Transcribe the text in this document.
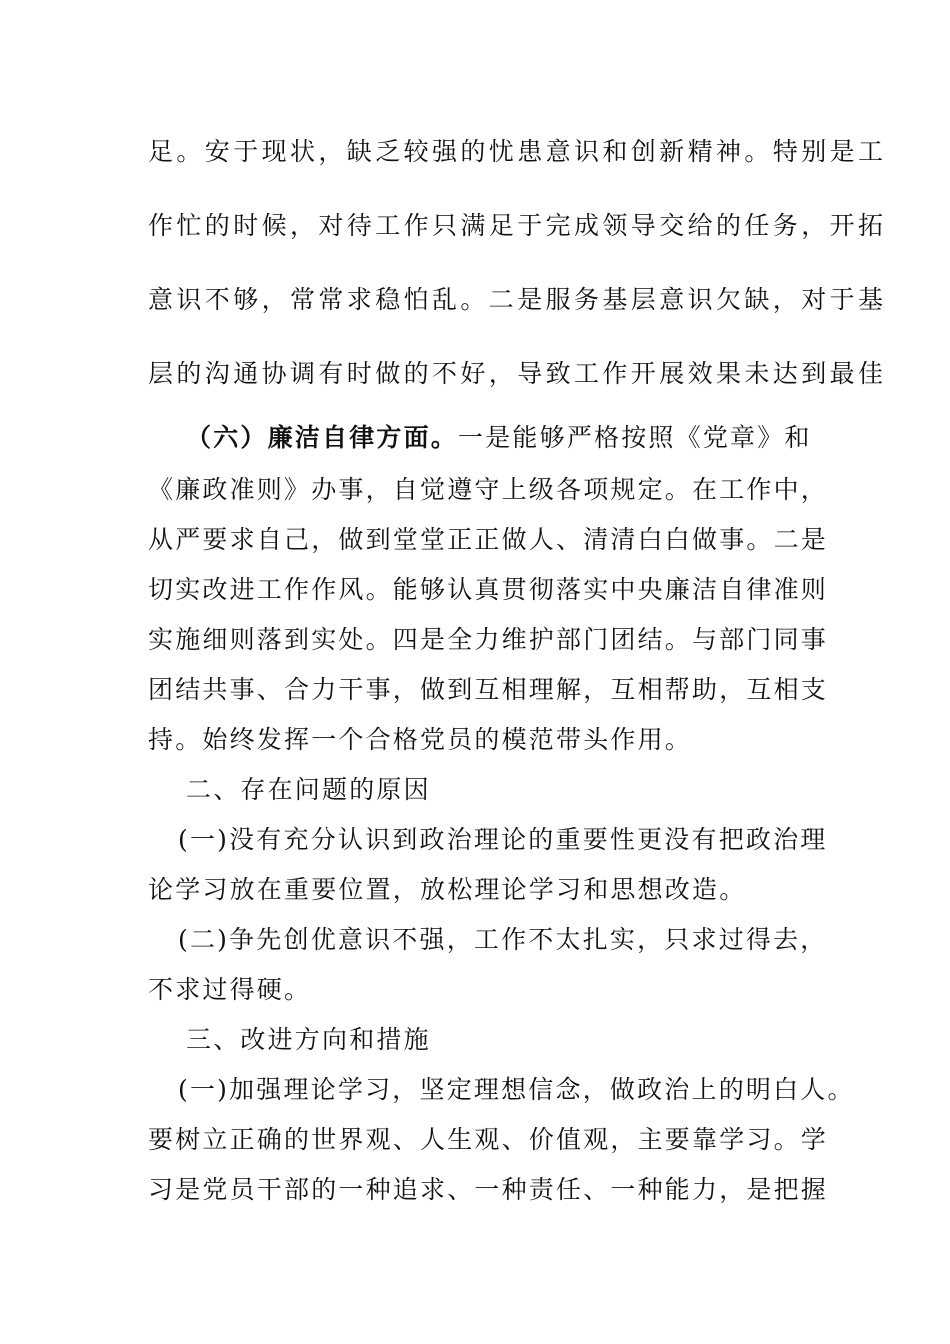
足。安于现状，缺乏较强的忧患意识和创新精神。特别是工
作忙的时候，对待工作只满足于完成领导交给的任务，开拓
意识不够，常常求稳怕乱。二是服务基层意识欠缺，对于基
层的沟通协调有时做的不好，导致工作开展效果未达到最佳
（六）廉洁自律方面。一是能够严格按照《党章》和
《廉政准则》办事，自觉遵守上级各项规定。在工作中，
从严要求自己，做到堂堂正正做人、清清白白做事。二是
切实改进工作作风。能够认真贯彻落实中央廉洁自律准则
实施细则落到实处。四是全力维护部门团结。与部门同事
团结共事、合力干事，做到互相理解，互相帮助，互相支
持。始终发挥一个合格党员的模范带头作用。
二、存在问题的原因
(一)没有充分认识到政治理论的重要性更没有把政治理
论学习放在重要位置，放松理论学习和思想改造。
(二)争先创优意识不强，工作不太扎实，只求过得去，
不求过得硬。
三、改进方向和措施
(一)加强理论学习，坚定理想信念，做政治上的明白人。
要树立正确的世界观、人生观、价值观，主要靠学习。学
习是党员干部的一种追求、一种责任、一种能力，是把握
